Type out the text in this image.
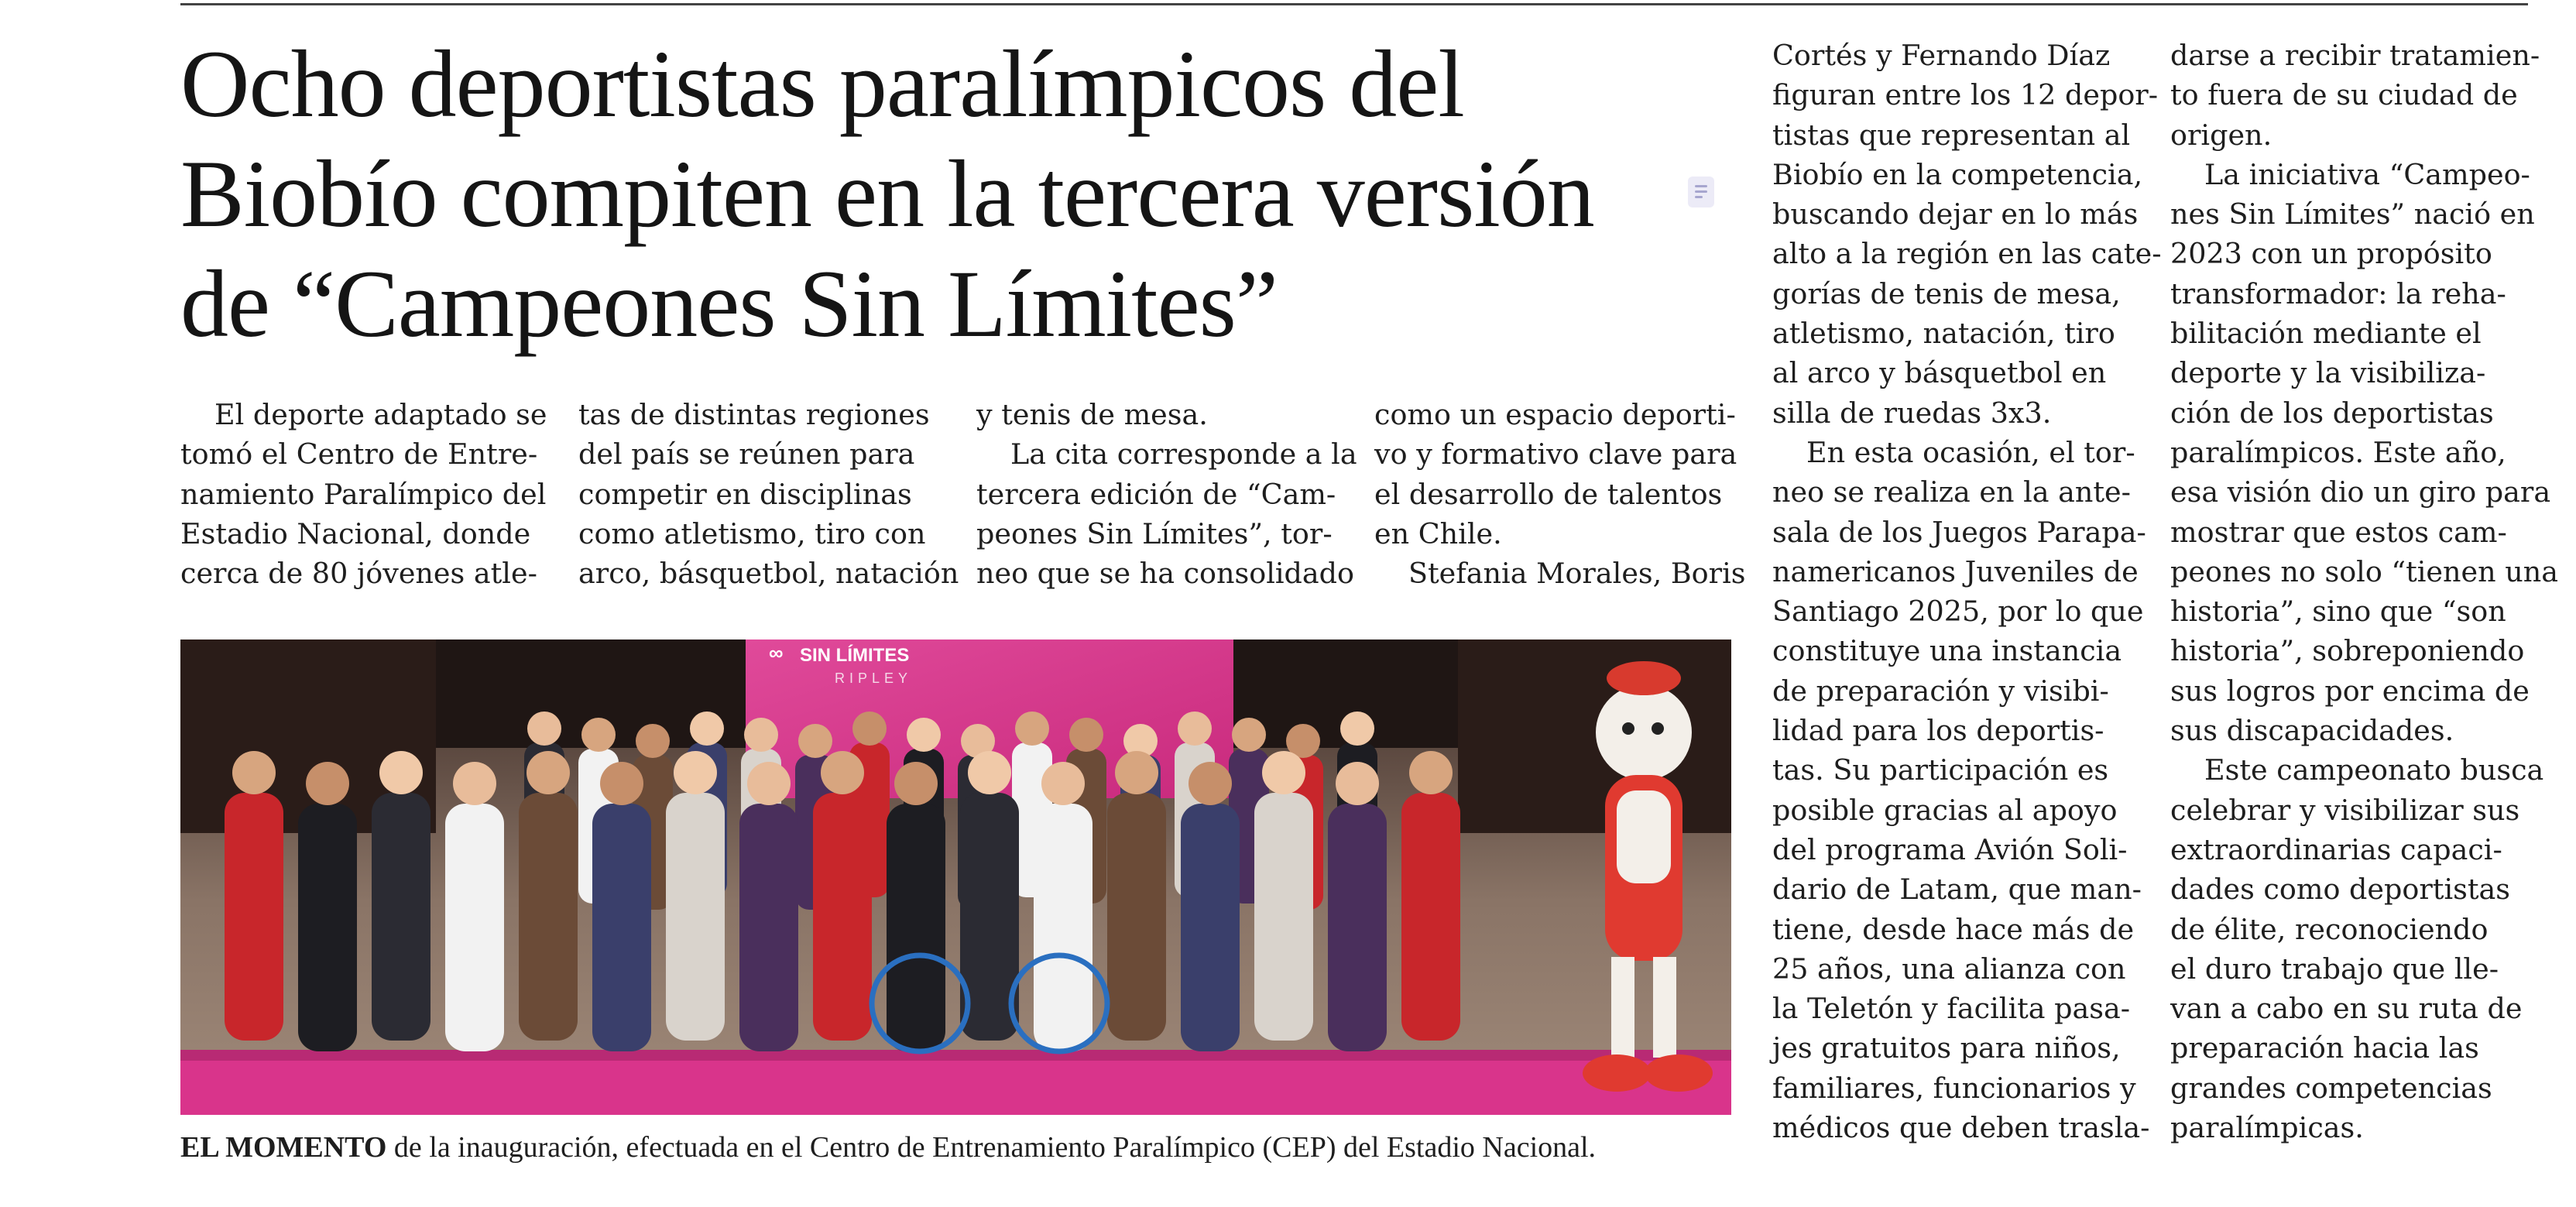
Ocho deportistas paralímpicos del
Biobío compiten en la tercera versión
de “Campeones Sin Límites”
El deporte adaptado se
tomó el Centro de Entre-
namiento Paralímpico del
Estadio Nacional, donde
cerca de 80 jóvenes atle-
tas de distintas regiones
del país se reúnen para
competir en disciplinas
como atletismo, tiro con
arco, básquetbol, natación
y tenis de mesa.
La cita corresponde a la
tercera edición de “Cam-
peones Sin Límites”, tor-
neo que se ha consolidado
como un espacio deporti-
vo y formativo clave para
el desarrollo de talentos
en Chile.
Stefania Morales, Boris
Cortés y Fernando Díaz
figuran entre los 12 depor-
tistas que representan al
Biobío en la competencia,
buscando dejar en lo más
alto a la región en las cate-
gorías de tenis de mesa,
atletismo, natación, tiro
al arco y básquetbol en
silla de ruedas 3x3.
En esta ocasión, el tor-
neo se realiza en la ante-
sala de los Juegos Parapa-
namericanos Juveniles de
Santiago 2025, por lo que
constituye una instancia
de preparación y visibi-
lidad para los deportis-
tas. Su participación es
posible gracias al apoyo
del programa Avión Soli-
dario de Latam, que man-
tiene, desde hace más de
25 años, una alianza con
la Teletón y facilita pasa-
jes gratuitos para niños,
familiares, funcionarios y
médicos que deben trasla-
darse a recibir tratamien-
to fuera de su ciudad de
origen.
La iniciativa “Campeo-
nes Sin Límites” nació en
2023 con un propósito
transformador: la reha-
bilitación mediante el
deporte y la visibiliza-
ción de los deportistas
paralímpicos. Este año,
esa visión dio un giro para
mostrar que estos cam-
peones no solo “tienen una
historia”, sino que “son
historia”, sobreponiendo
sus logros por encima de
sus discapacidades.
Este campeonato busca
celebrar y visibilizar sus
extraordinarias capaci-
dades como deportistas
de élite, reconociendo
el duro trabajo que lle-
van a cabo en su ruta de
preparación hacia las
grandes competencias
paralímpicas.
∞ SIN LÍMITES
RIPLEY
EL MOMENTO de la inauguración, efectuada en el Centro de Entrenamiento Paralímpico (CEP) del Estadio Nacional.
